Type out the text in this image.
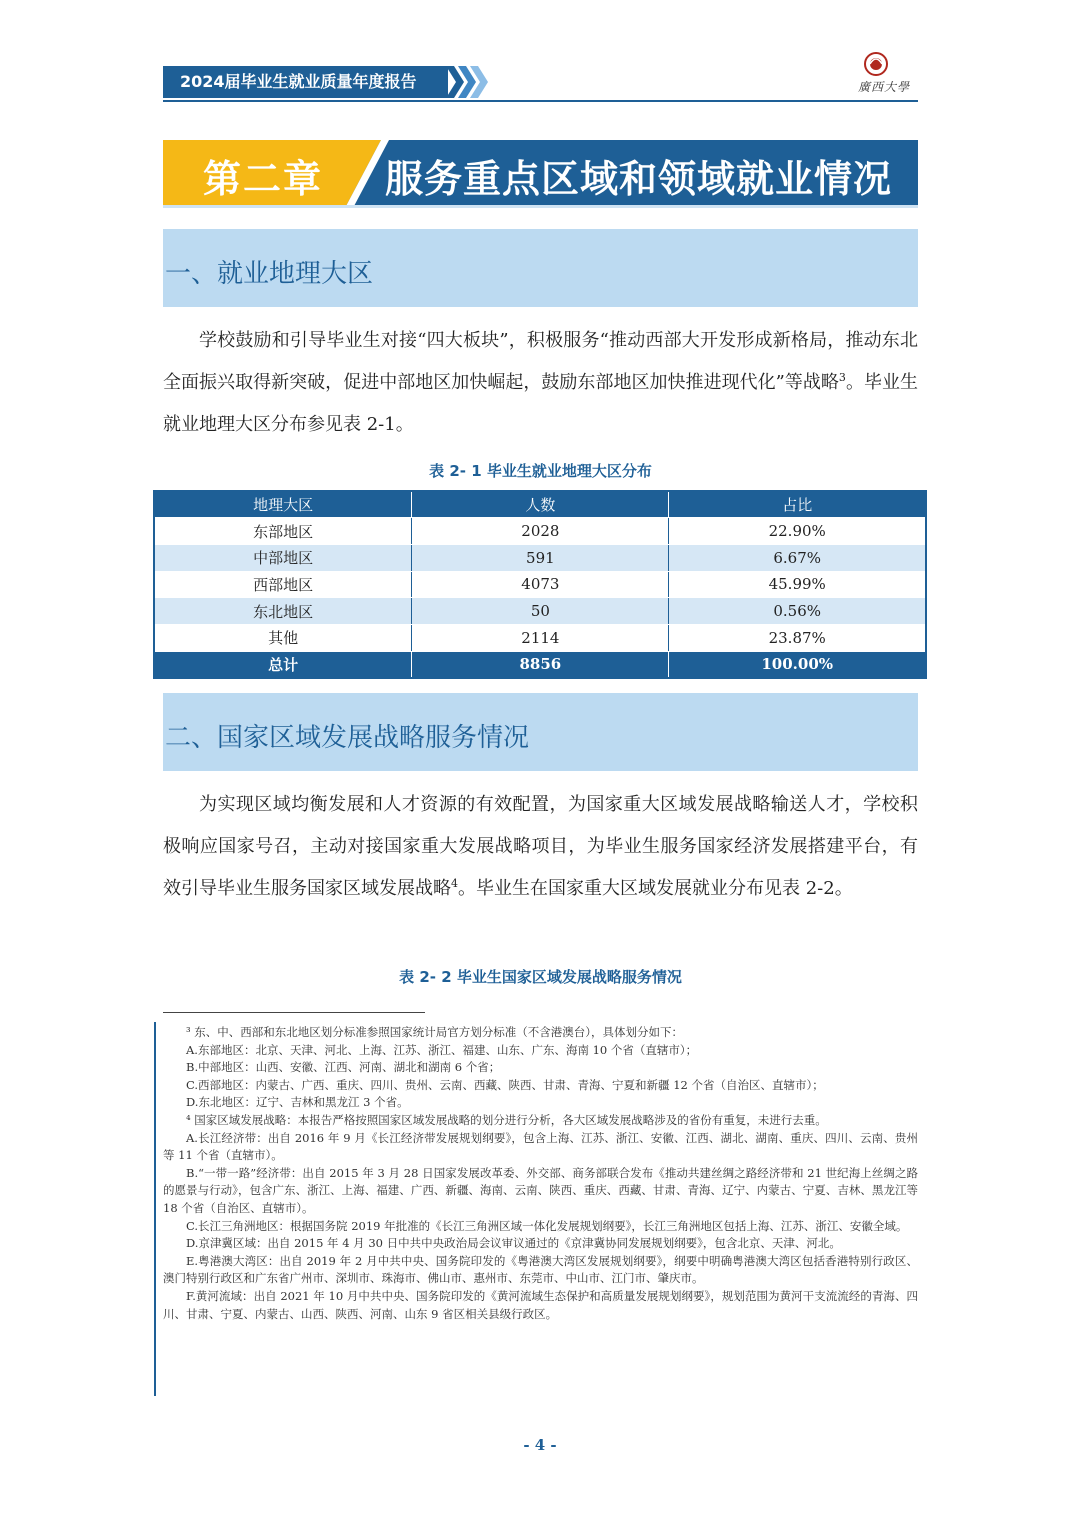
2024届毕业生就业质量年度报告	廣西大學
第二章 服务重点区域和领域就业情况
一、就业地理大区

学校鼓励和引导毕业生对接“四大板块”，积极服务“推动西部大开发形成新格局，推动东北全面振兴取得新突破，促进中部地区加快崛起，鼓励东部地区加快推进现代化”等战略$^3$。毕业生就业地理大区分布参见表 2-1。

表 2- 1 毕业生就业地理大区分布
地理大区	人数	占比
东部地区	2028	22.90%
中部地区	591	6.67%
西部地区	4073	45.99%
东北地区	50	0.56%
其他	2114	23.87%
总计	8856	100.00%
二、国家区域发展战略服务情况

为实现区域均衡发展和人才资源的有效配置，为国家重大区域发展战略输送人才，学校积极响应国家号召，主动对接国家重大发展战略项目，为毕业生服务国家经济发展搭建平台，有效引导毕业生服务国家区域发展战略$^4$。毕业生在国家重大区域发展就业分布见表 2-2。

表 2- 2 毕业生国家区域发展战略服务情况

³ 东、中、西部和东北地区划分标准参照国家统计局官方划分标准（不含港澳台），具体划分如下：

A.东部地区：北京、天津、河北、上海、江苏、浙江、福建、山东、广东、海南 10 个省（直辖市）；

B.中部地区：山西、安徽、江西、河南、湖北和湖南 6 个省；

C.西部地区：内蒙古、广西、重庆、四川、贵州、云南、西藏、陕西、甘肃、青海、宁夏和新疆 12 个省（自治区、直辖市）；

D.东北地区：辽宁、吉林和黑龙江 3 个省。

⁴ 国家区域发展战略：本报告严格按照国家区域发展战略的划分进行分析，各大区域发展战略涉及的省份有重复，未进行去重。

A.长江经济带：出自 2016 年 9 月《长江经济带发展规划纲要》，包含上海、江苏、浙江、安徽、江西、湖北、湖南、重庆、四川、云南、贵州等 11 个省（直辖市）。

B.“一带一路”经济带：出自 2015 年 3 月 28 日国家发展改革委、外交部、商务部联合发布《推动共建丝绸之路经济带和 21 世纪海上丝绸之路的愿景与行动》，包含广东、浙江、上海、福建、广西、新疆、海南、云南、陕西、重庆、西藏、甘肃、青海、辽宁、内蒙古、宁夏、吉林、黑龙江等 18 个省（自治区、直辖市）。

C.长江三角洲地区：根据国务院 2019 年批准的《长江三角洲区域一体化发展规划纲要》，长江三角洲地区包括上海、江苏、浙江、安徽全域。

D.京津冀区域：出自 2015 年 4 月 30 日中共中央政治局会议审议通过的《京津冀协同发展规划纲要》，包含北京、天津、河北。

E.粤港澳大湾区：出自 2019 年 2 月中共中央、国务院印发的《粤港澳大湾区发展规划纲要》，纲要中明确粤港澳大湾区包括香港特别行政区、澳门特别行政区和广东省广州市、深圳市、珠海市、佛山市、惠州市、东莞市、中山市、江门市、肇庆市。

F.黄河流域：出自 2021 年 10 月中共中央、国务院印发的《黄河流域生态保护和高质量发展规划纲要》，规划范围为黄河干支流流经的青海、四川、甘肃、宁夏、内蒙古、山西、陕西、河南、山东 9 省区相关县级行政区。

- 4 -
